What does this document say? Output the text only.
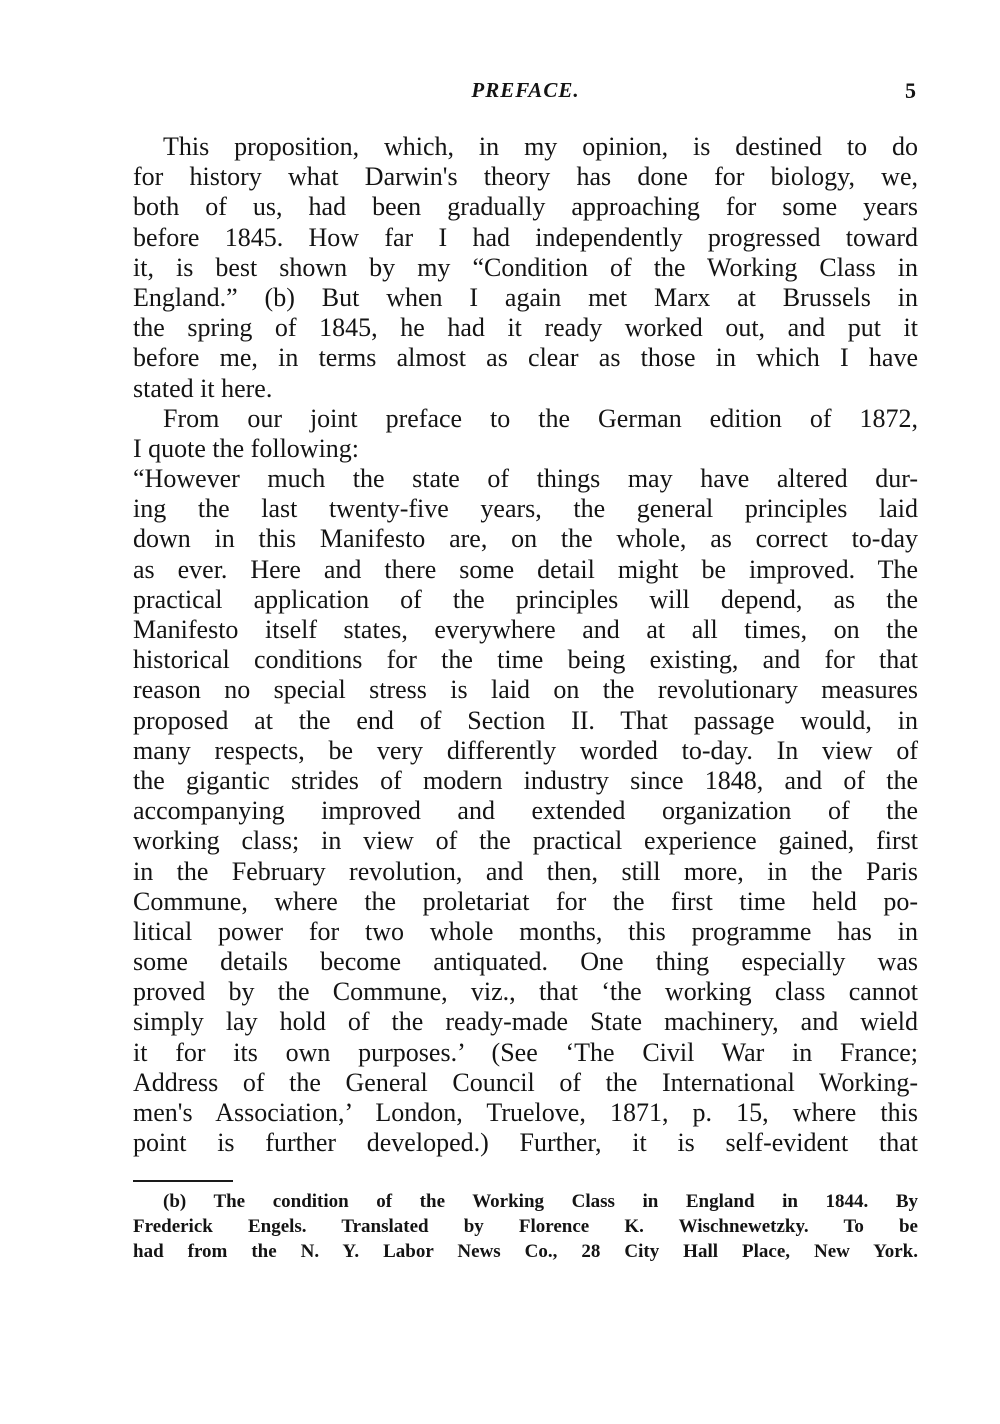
PREFACE.	5
This proposition, which, in my opinion, is destined to do
for history what Darwin's theory has done for biology, we,
both of us, had been gradually approaching for some years
before 1845. How far I had independently progressed toward
it, is best shown by my “Condition of the Working Class in
England.” (b) But when I again met Marx at Brussels in
the spring of 1845, he had it ready worked out, and put it
before me, in terms almost as clear as those in which I have
stated it here.
From our joint preface to the German edition of 1872,
I quote the following:
“However much the state of things may have altered dur-
ing the last twenty-five years, the general principles laid
down in this Manifesto are, on the whole, as correct to-day
as ever. Here and there some detail might be improved. The
practical application of the principles will depend, as the
Manifesto itself states, everywhere and at all times, on the
historical conditions for the time being existing, and for that
reason no special stress is laid on the revolutionary measures
proposed at the end of Section II. That passage would, in
many respects, be very differently worded to-day. In view of
the gigantic strides of modern industry since 1848, and of the
accompanying improved and extended organization of the
working class; in view of the practical experience gained, first
in the February revolution, and then, still more, in the Paris
Commune, where the proletariat for the first time held po-
litical power for two whole months, this programme has in
some details become antiquated. One thing especially was
proved by the Commune, viz., that ‘the working class cannot
simply lay hold of the ready-made State machinery, and wield
it for its own purposes.’ (See ‘The Civil War in France;
Address of the General Council of the International Working-
men's Association,’ London, Truelove, 1871, p. 15, where this
point is further developed.) Further, it is self-evident that
(b) The condition of the Working Class in England in 1844. By
Frederick Engels. Translated by Florence K. Wischnewetzky. To be
had from the N. Y. Labor News Co., 28 City Hall Place, New York.
